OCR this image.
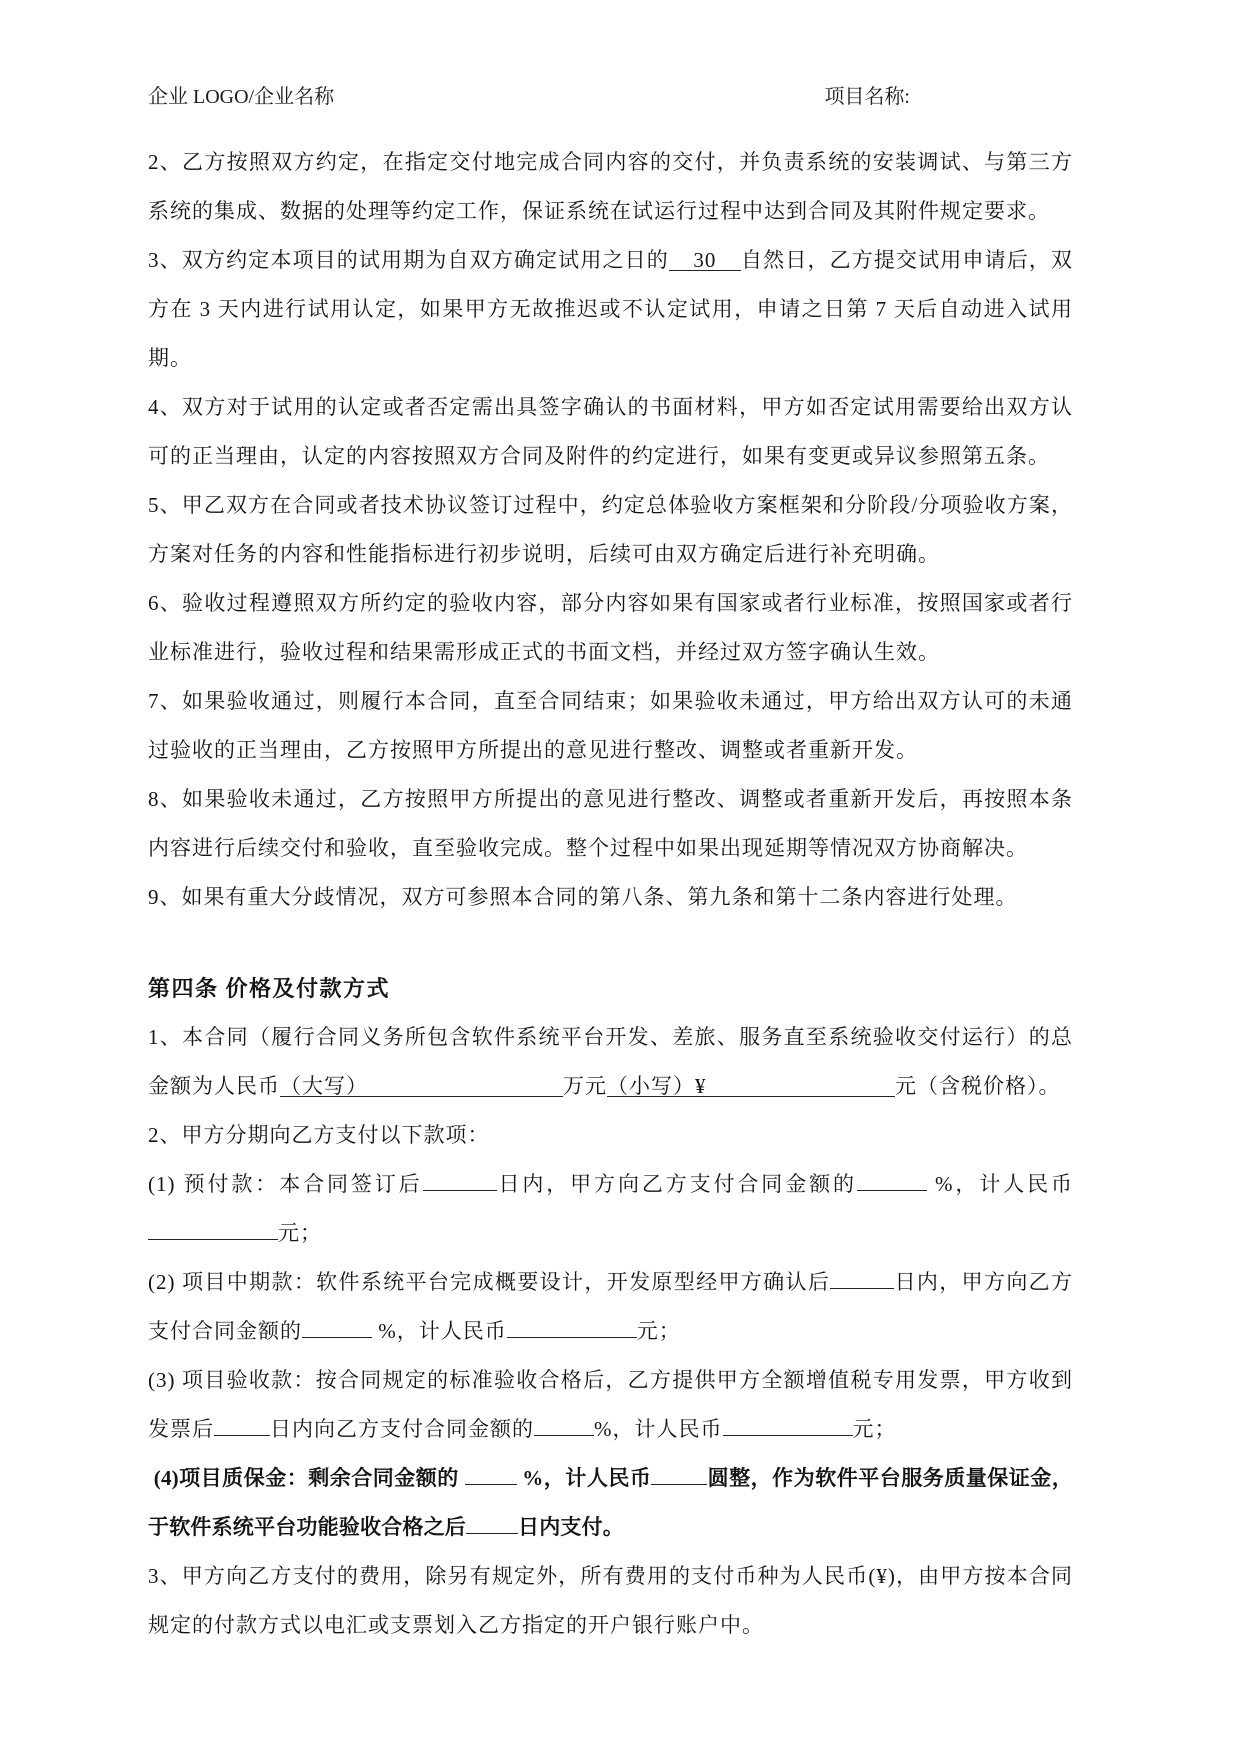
企业 LOGO/企业名称	项目名称:

2、乙方按照双方约定，在指定交付地完成合同内容的交付，并负责系统的安装调试、与第三方系统的集成、数据的处理等约定工作，保证系统在试运行过程中达到合同及其附件规定要求。

3、双方约定本项目的试用期为自双方确定试用之日的 30 自然日，乙方提交试用申请后，双方在 3 天内进行试用认定，如果甲方无故推迟或不认定试用，申请之日第 7 天后自动进入试用期。

4、双方对于试用的认定或者否定需出具签字确认的书面材料，甲方如否定试用需要给出双方认可的正当理由，认定的内容按照双方合同及附件的约定进行，如果有变更或异议参照第五条。

5、甲乙双方在合同或者技术协议签订过程中，约定总体验收方案框架和分阶段/分项验收方案，方案对任务的内容和性能指标进行初步说明，后续可由双方确定后进行补充明确。

6、验收过程遵照双方所约定的验收内容，部分内容如果有国家或者行业标准，按照国家或者行业标准进行，验收过程和结果需形成正式的书面文档，并经过双方签字确认生效。

7、如果验收通过，则履行本合同，直至合同结束；如果验收未通过，甲方给出双方认可的未通过验收的正当理由，乙方按照甲方所提出的意见进行整改、调整或者重新开发。

8、如果验收未通过，乙方按照甲方所提出的意见进行整改、调整或者重新开发后，再按照本条内容进行后续交付和验收，直至验收完成。整个过程中如果出现延期等情况双方协商解决。

9、如果有重大分歧情况，双方可参照本合同的第八条、第九条和第十二条内容进行处理。

第四条 价格及付款方式

1、本合同（履行合同义务所包含软件系统平台开发、差旅、服务直至系统验收交付运行）的总金额为人民币（大写）	万元（小写）¥	元（含税价格）。

2、甲方分期向乙方支付以下款项：

(1) 预付款：本合同签订后	日内，甲方向乙方支付合同金额的	%，计人民币 元；

(2) 项目中期款：软件系统平台完成概要设计，开发原型经甲方确认后	日内，甲方向乙方支付合同金额的	%，计人民币	元；

(3) 项目验收款：按合同规定的标准验收合格后，乙方提供甲方全额增值税专用发票，甲方收到发票后	日内向乙方支付合同金额的	%，计人民币	元；

(4)项目质保金：剩余合同金额的  %，计人民币	圆整，作为软件平台服务质量保证金，于软件系统平台功能验收合格之后 日内支付。

3、甲方向乙方支付的费用，除另有规定外，所有费用的支付币种为人民币(¥)，由甲方按本合同规定的付款方式以电汇或支票划入乙方指定的开户银行账户中。
